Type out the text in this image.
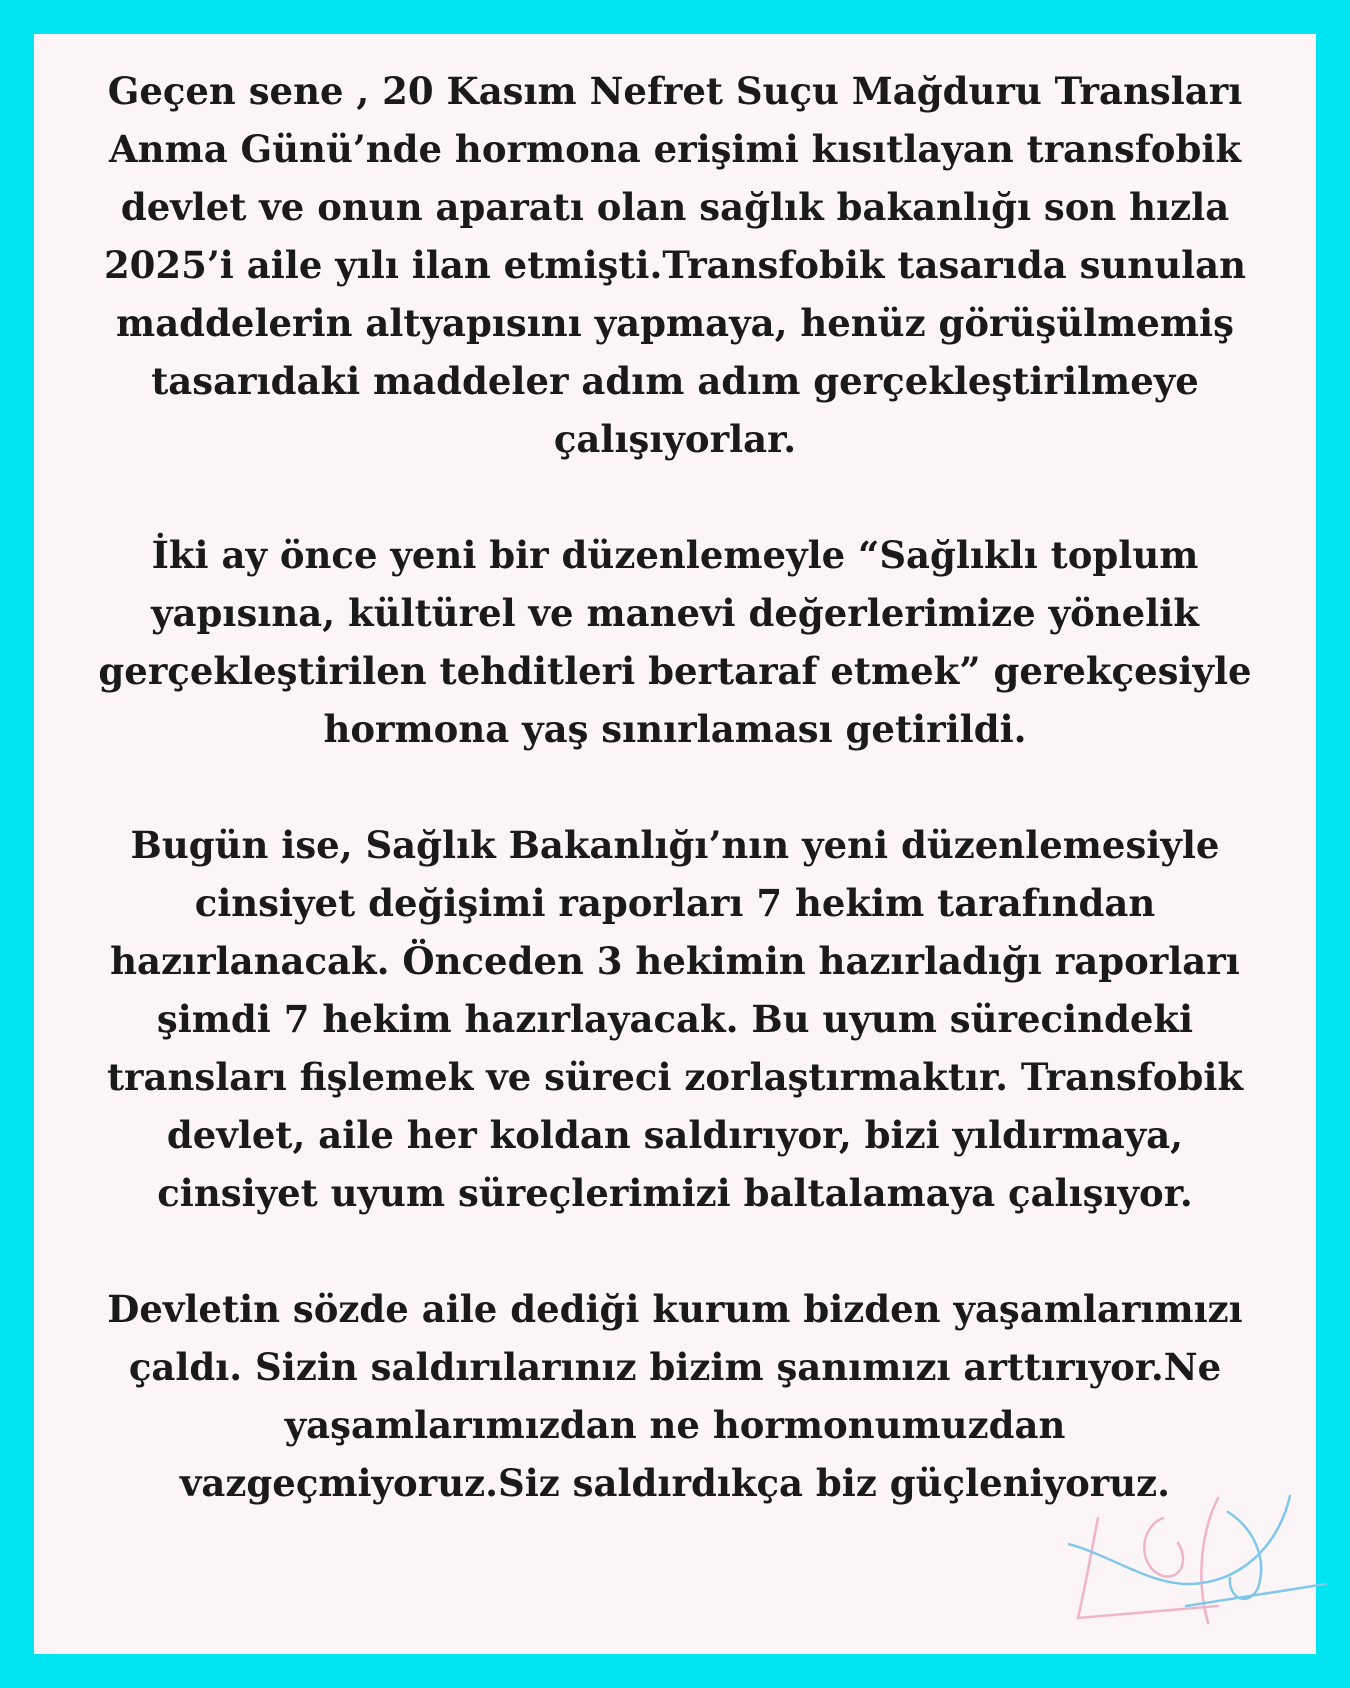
Geçen sene , 20 Kasım Nefret Suçu Mağduru Transları Anma Günü’nde hormona erişimi kısıtlayan transfobik devlet ve onun aparatı olan sağlık bakanlığı son hızla 2025’i aile yılı ilan etmişti.Transfobik tasarıda sunulan maddelerin altyapısını yapmaya, henüz görüşülmemiş tasarıdaki maddeler adım adım gerçekleştirilmeye çalışıyorlar.

İki ay önce yeni bir düzenlemeyle “Sağlıklı toplum yapısına, kültürel ve manevi değerlerimize yönelik gerçekleştirilen tehditleri bertaraf etmek” gerekçesiyle hormona yaş sınırlaması getirildi.

Bugün ise, Sağlık Bakanlığı’nın yeni düzenlemesiyle cinsiyet değişimi raporları 7 hekim tarafından hazırlanacak. Önceden 3 hekimin hazırladığı raporları şimdi 7 hekim hazırlayacak. Bu uyum sürecindeki transları fişlemek ve süreci zorlaştırmaktır. Transfobik devlet, aile her koldan saldırıyor, bizi yıldırmaya, cinsiyet uyum süreçlerimizi baltalamaya çalışıyor.

Devletin sözde aile dediği kurum bizden yaşamlarımızı çaldı. Sizin saldırılarınız bizim şanımızı arttırıyor.Ne yaşamlarımızdan ne hormonumuzdan vazgeçmiyoruz.Siz saldırdıkça biz güçleniyoruz.
